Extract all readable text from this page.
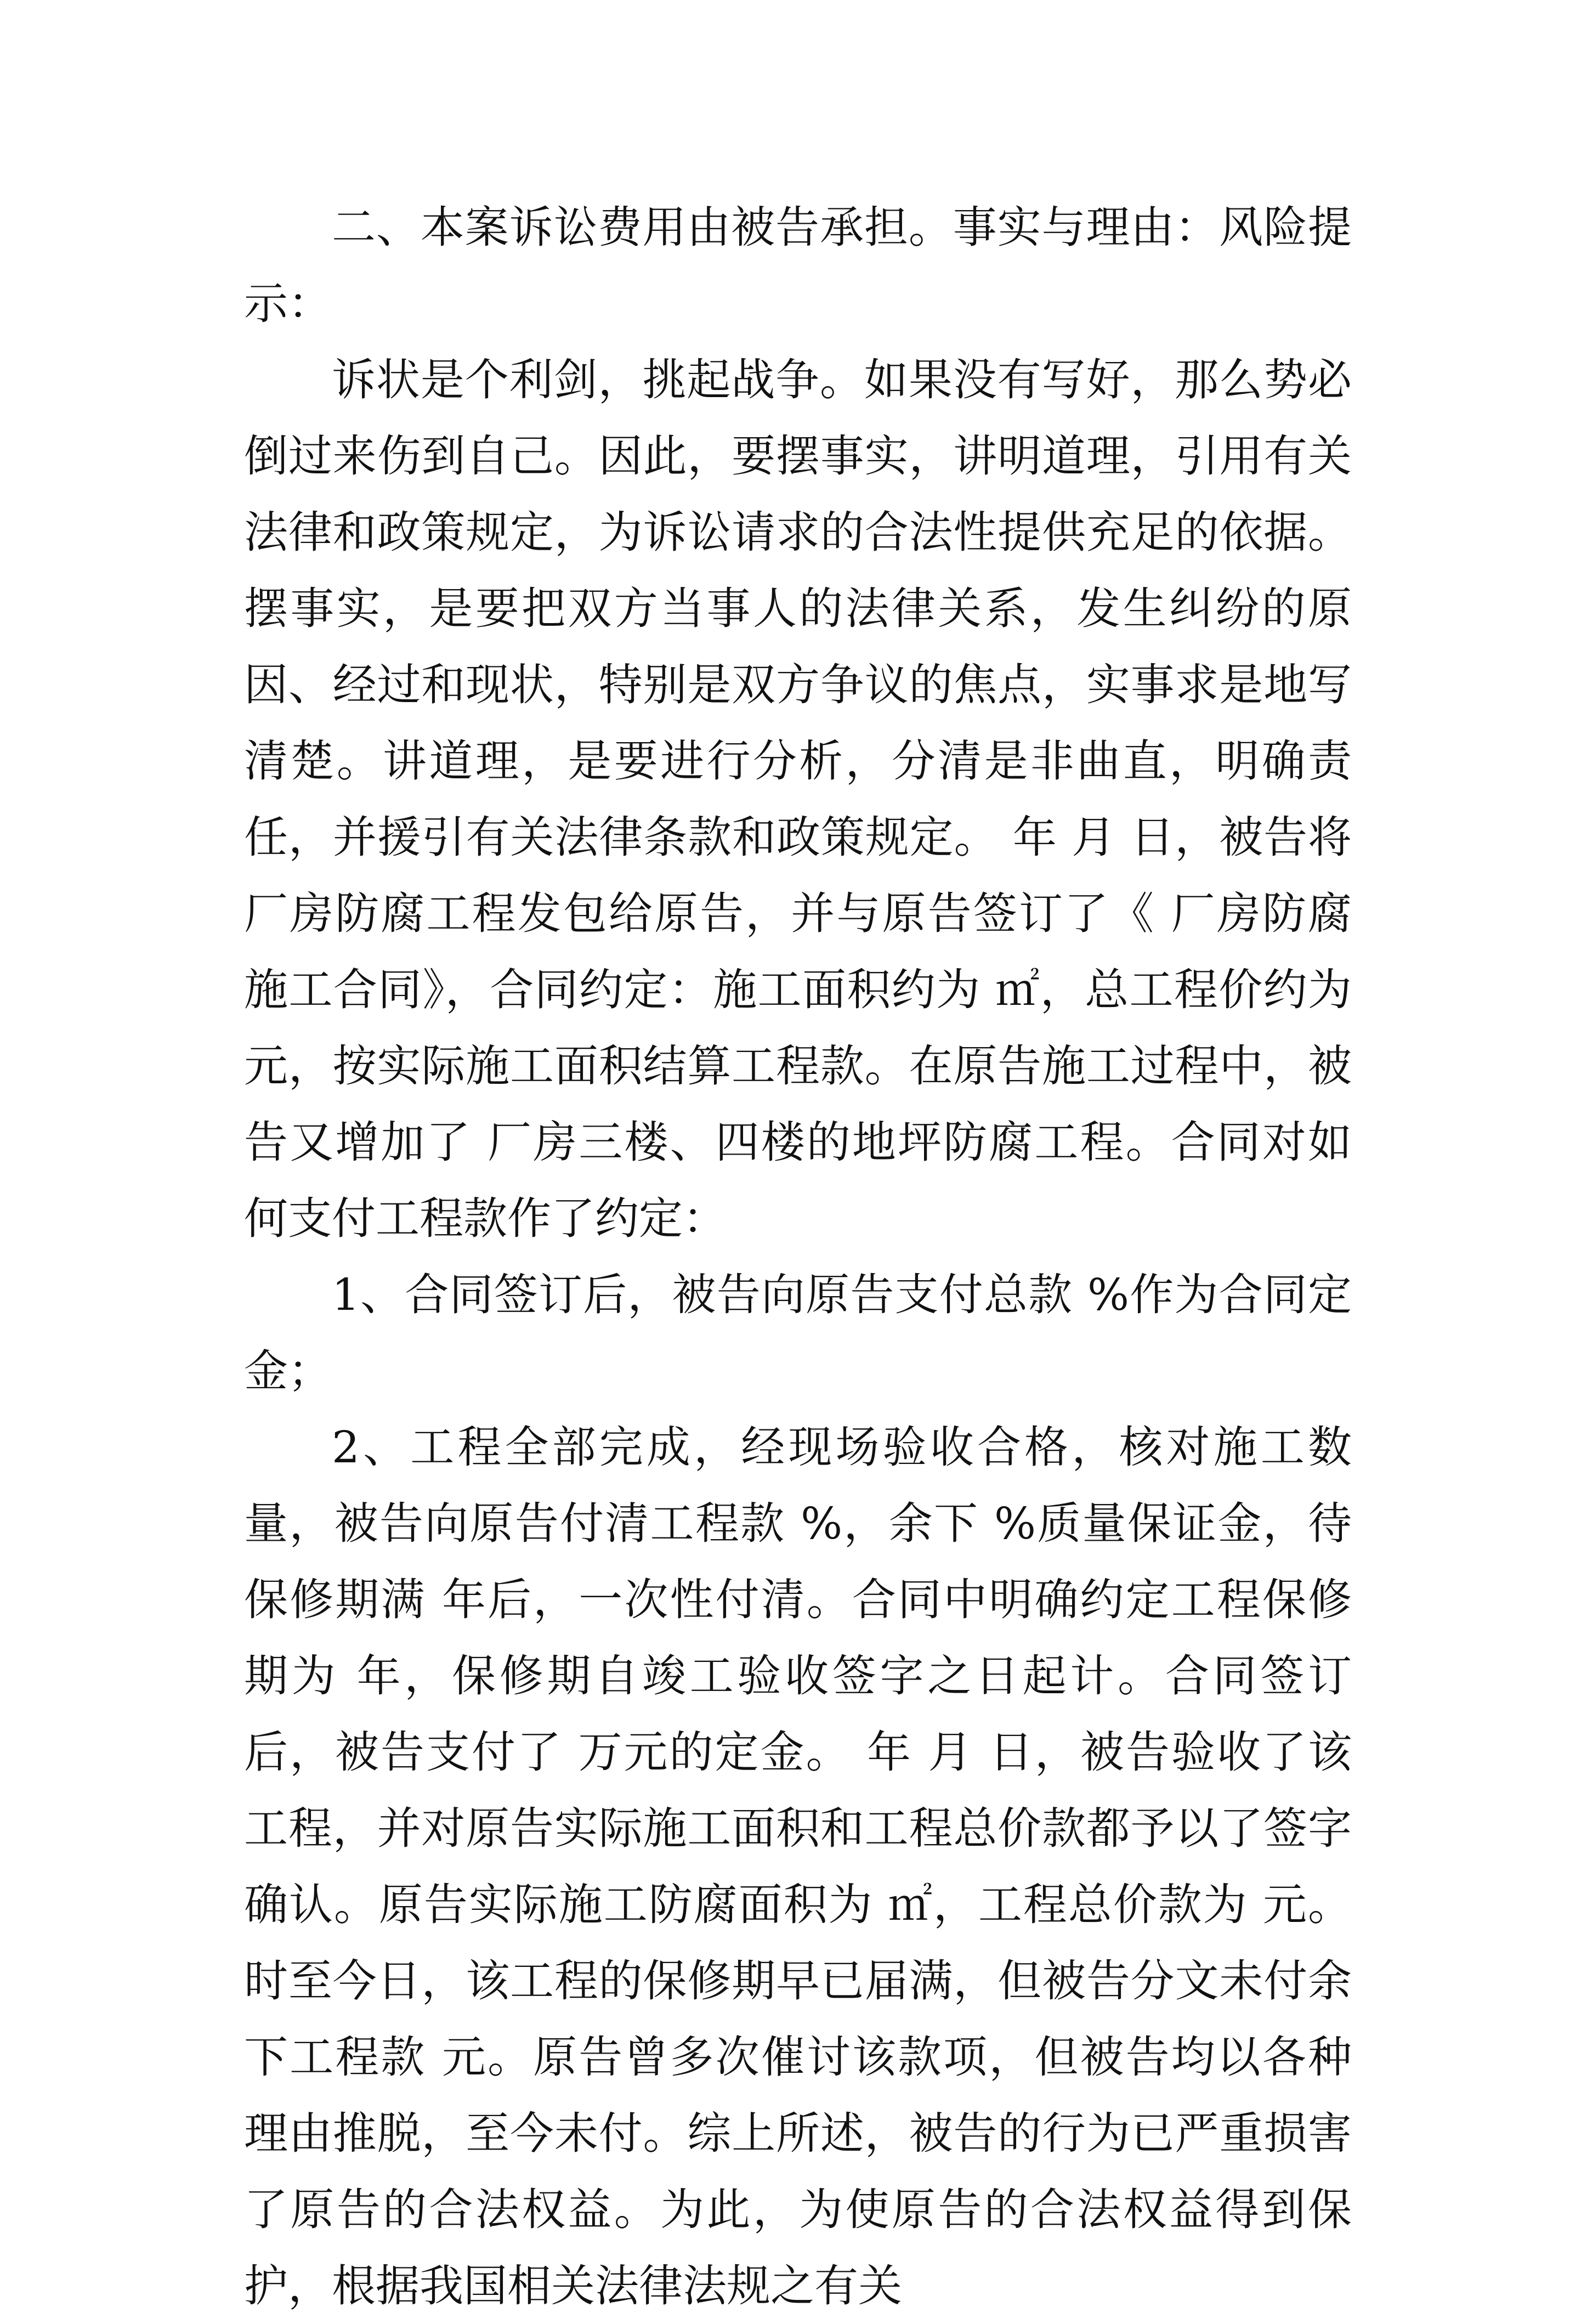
二、本案诉讼费用由被告承担。事实与理由：风险提示：

诉状是个利剑，挑起战争。如果没有写好，那么势必倒过来伤到自己。因此，要摆事实，讲明道理，引用有关法律和政策规定，为诉讼请求的合法性提供充足的依据。摆事实，是要把双方当事人的法律关系，发生纠纷的原因、经过和现状，特别是双方争议的焦点，实事求是地写清楚。讲道理，是要进行分析，分清是非曲直，明确责任，并援引有关法律条款和政策规定。 年 月 日，被告将 厂房防腐工程发包给原告，并与原告签订了《 厂房防腐施工合同》，合同约定：施工面积约为 ㎡，总工程价约为 元，按实际施工面积结算工程款。在原告施工过程中，被告又增加了 厂房三楼、四楼的地坪防腐工程。合同对如何支付工程款作了约定：

1、合同签订后，被告向原告支付总款 %作为合同定金；

2、工程全部完成，经现场验收合格，核对施工数量，被告向原告付清工程款 %，余下 %质量保证金，待保修期满 年后，一次性付清。合同中明确约定工程保修期为 年，保修期自竣工验收签字之日起计。合同签订后，被告支付了 万元的定金。 年 月 日，被告验收了该工程，并对原告实际施工面积和工程总价款都予以了签字确认。原告实际施工防腐面积为 ㎡，工程总价款为 元。时至今日，该工程的保修期早已届满，但被告分文未付余下工程款 元。原告曾多次催讨该款项，但被告均以各种理由推脱，至今未付。综上所述，被告的行为已严重损害了原告的合法权益。为此，为使原告的合法权益得到保护，根据我国相关法律法规之有关
